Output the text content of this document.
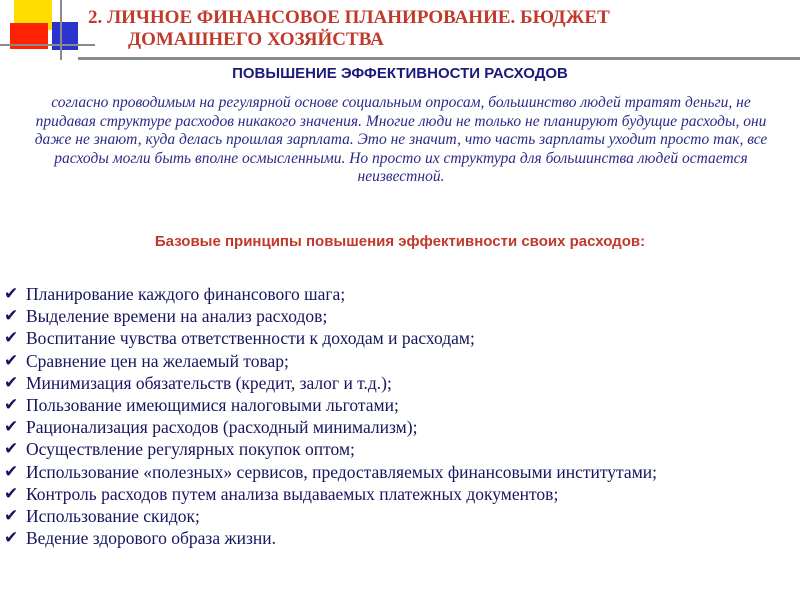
2. ЛИЧНОЕ ФИНАНСОВОЕ ПЛАНИРОВАНИЕ. БЮДЖЕТ
ДОМАШНЕГО ХОЗЯЙСТВА
ПОВЫШЕНИЕ ЭФФЕКТИВНОСТИ РАСХОДОВ

согласно проводимым на регулярной основе социальным опросам, большинство людей тратят деньги, не придавая структуре расходов никакого значения. Многие люди не только не планируют будущие расходы, они даже не знают, куда делась прошлая зарплата. Это не значит, что часть зарплаты уходит просто так, все расходы могли быть вполне осмысленными. Но просто их структура для большинства людей остается неизвестной.

Базовые принципы повышения эффективности своих расходов:
✔ Планирование каждого финансового шага;
✔ Выделение времени на анализ расходов;
✔ Воспитание чувства ответственности к доходам и расходам;
✔ Сравнение цен на желаемый товар;
✔ Минимизация обязательств (кредит, залог и т.д.);
✔ Пользование имеющимися налоговыми льготами;
✔ Рационализация расходов (расходный минимализм);
✔ Осуществление регулярных покупок оптом;
✔ Использование «полезных» сервисов, предоставляемых финансовыми институтами;
✔ Контроль расходов путем анализа выдаваемых платежных документов;
✔ Использование скидок;
✔ Ведение здорового образа жизни.
